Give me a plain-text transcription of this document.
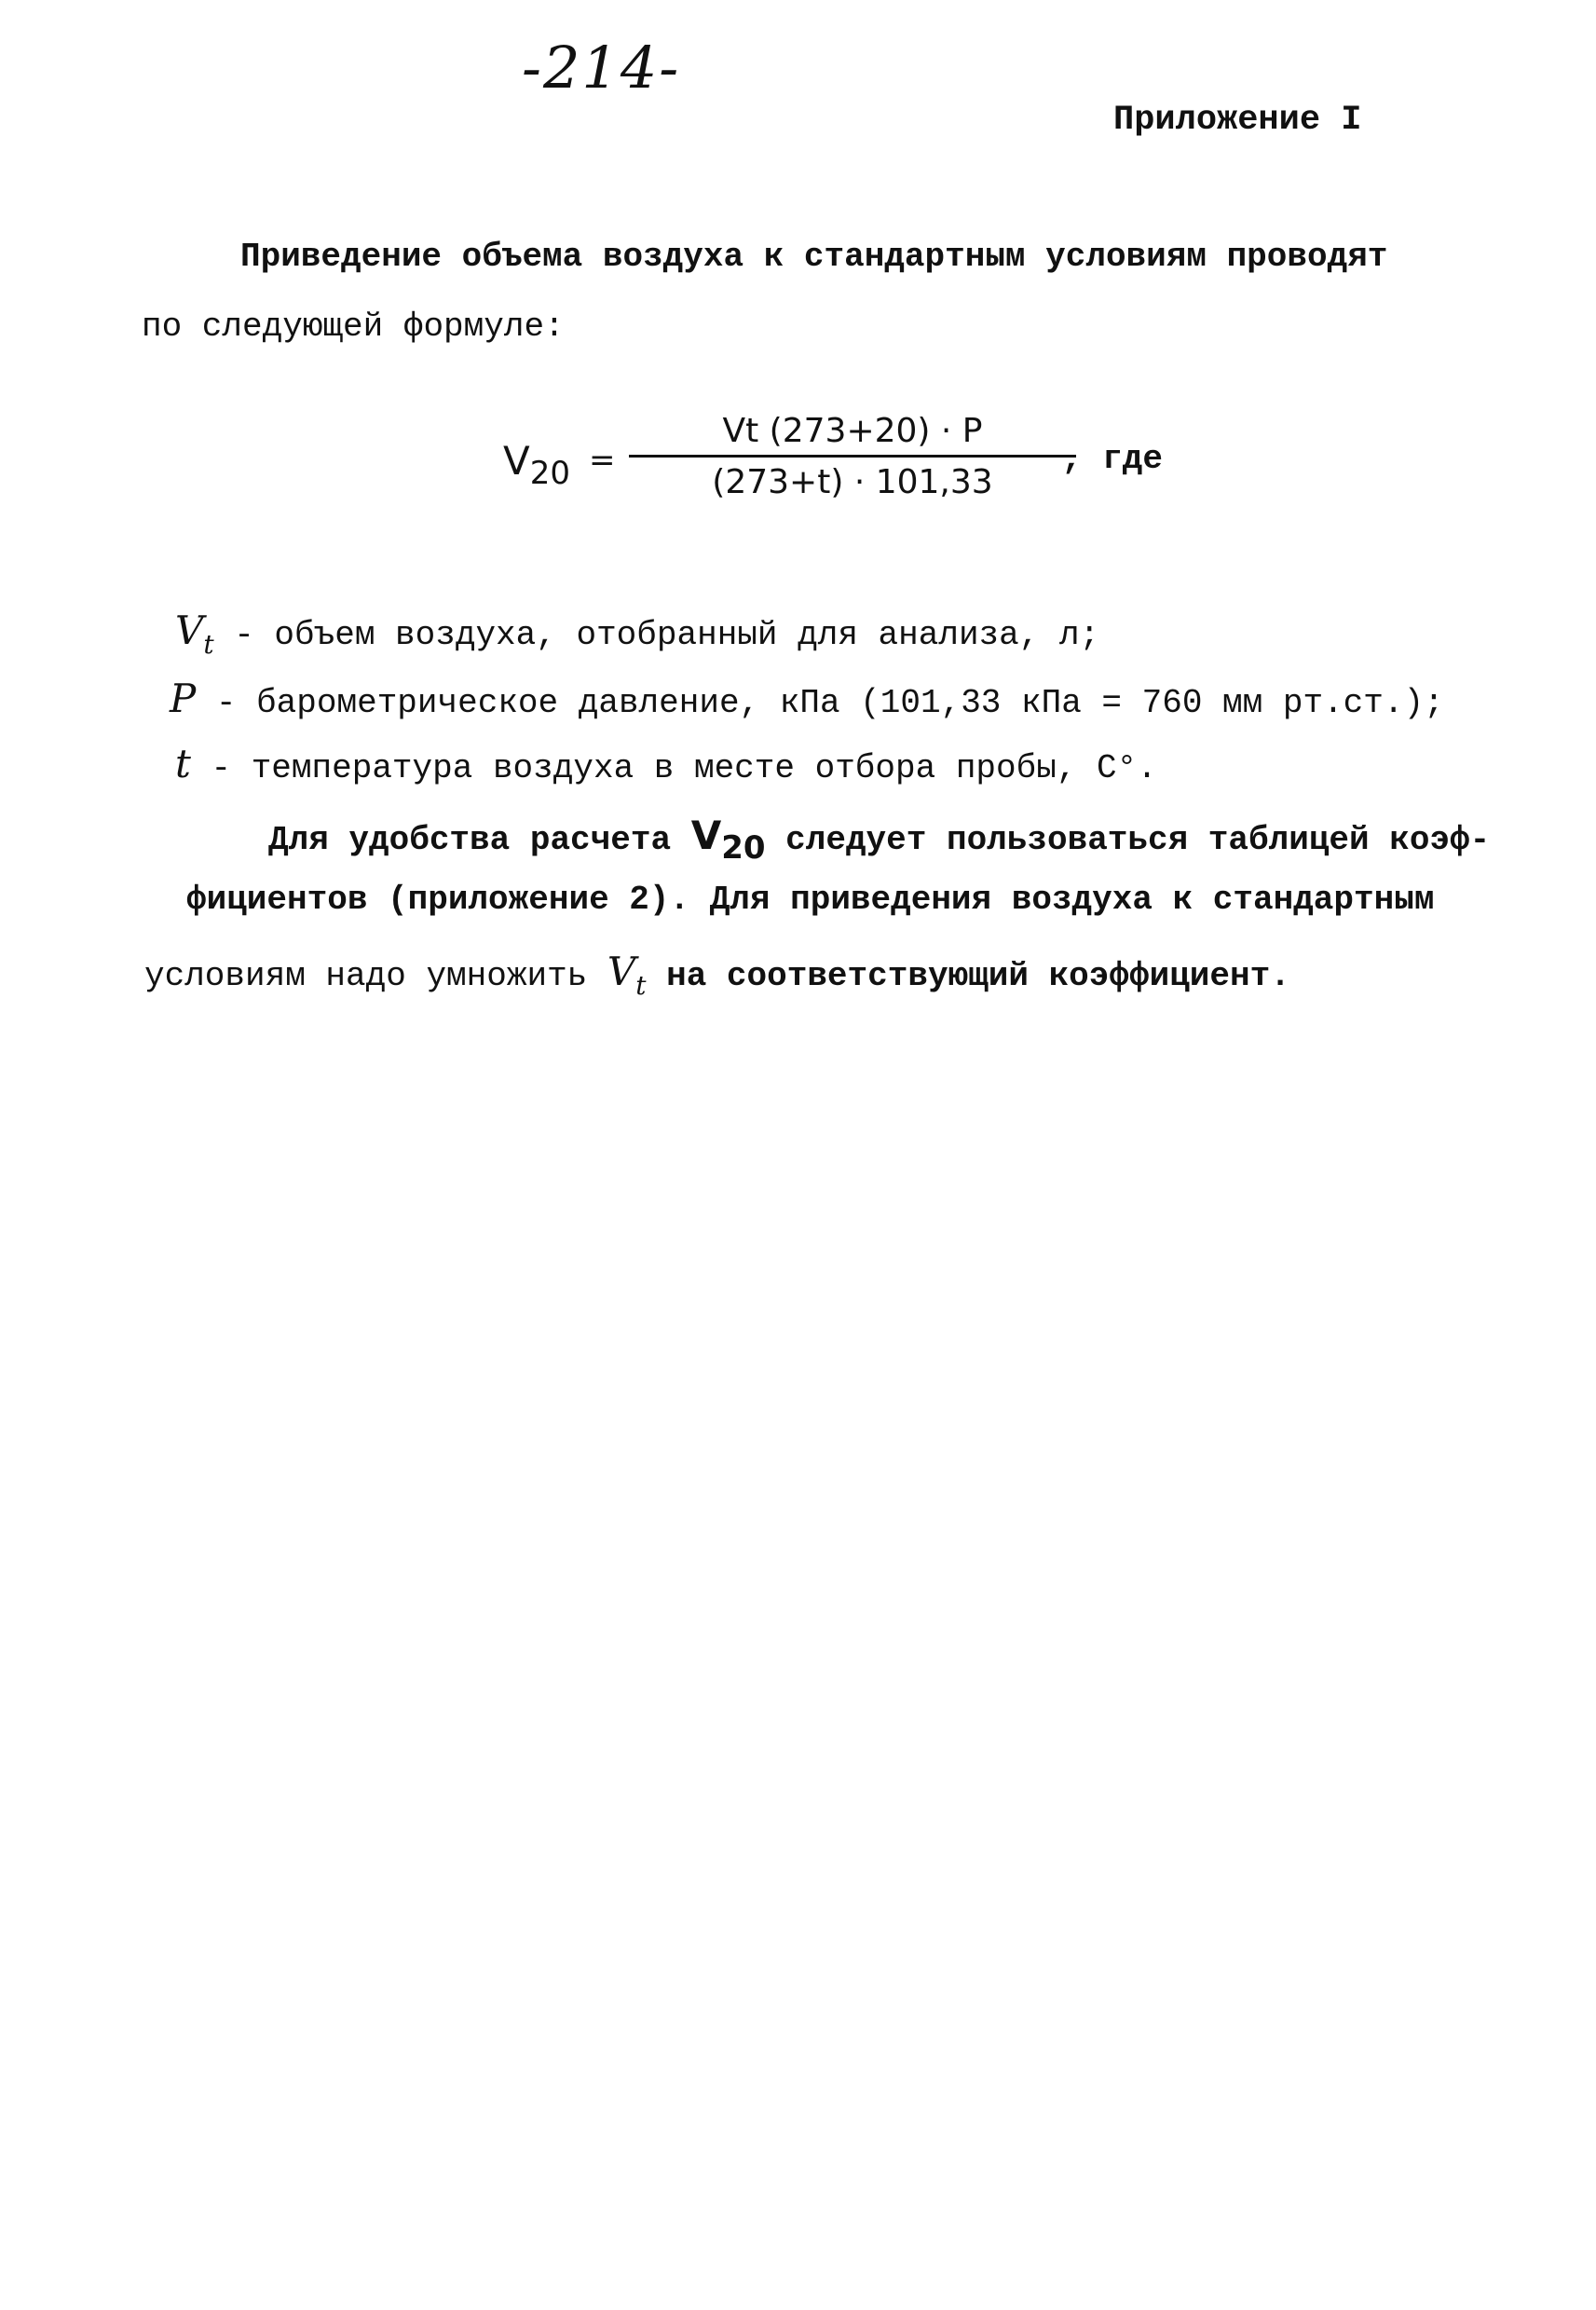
-214-
Приложение I
Приведение объема воздуха к стандартным условиям проводят
по следующей формуле:
$V_{20}$ =
Vt (273+20) · P
(273+t) · 101,33
, где
$V_t$ - объем воздуха, отобранный для анализа, л;
P - барометрическое давление, кПа (101,33 кПа = 760 мм рт.ст.);
t - температура воздуха в месте отбора пробы, С°.
Для удобства расчета $V_{20}$ следует пользоваться таблицей коэф-
фициентов (приложение 2). Для приведения воздуха к стандартным
условиям надо умножить $V_t$ на соответствующий коэффициент.
